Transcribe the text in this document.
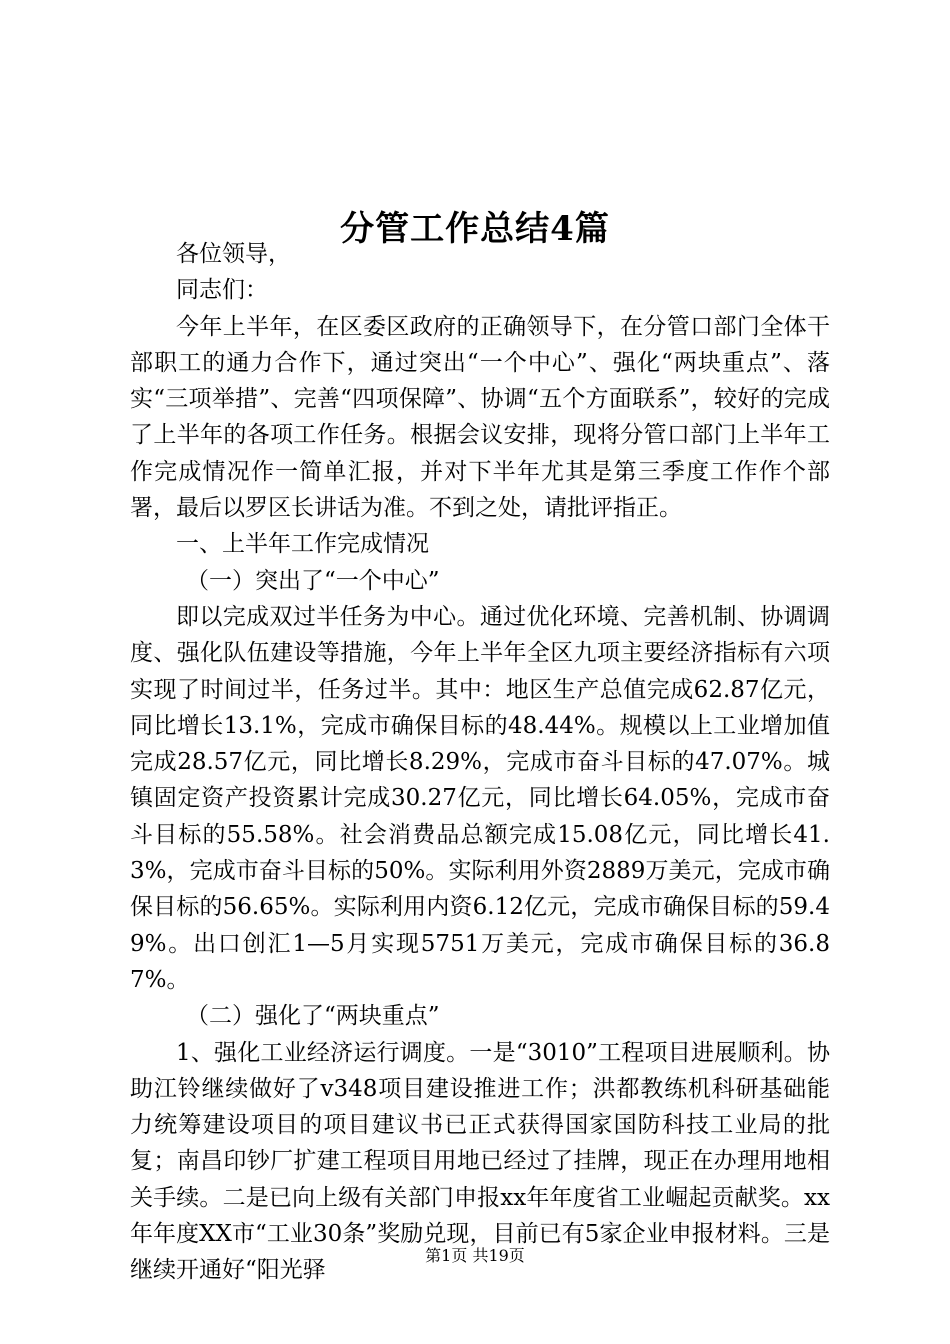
分管工作总结4篇

各位领导，

同志们：

今年上半年，在区委区政府的正确领导下，在分管口部门全体干部职工的通力合作下，通过突出“一个中心”、强化“两块重点”、落实“三项举措”、完善“四项保障”、协调“五个方面联系”，较好的完成了上半年的各项工作任务。根据会议安排，现将分管口部门上半年工作完成情况作一简单汇报，并对下半年尤其是第三季度工作作个部署，最后以罗区长讲话为准。不到之处，请批评指正。

一、上半年工作完成情况

（一）突出了“一个中心”

即以完成双过半任务为中心。通过优化环境、完善机制、协调调度、强化队伍建设等措施，今年上半年全区九项主要经济指标有六项实现了时间过半，任务过半。其中：地区生产总值完成62.87亿元，同比增长13.1%，完成市确保目标的48.44%。规模以上工业增加值完成28.57亿元，同比增长8.29%，完成市奋斗目标的47.07%。城镇固定资产投资累计完成30.27亿元，同比增长64.05%，完成市奋斗目标的55.58%。社会消费品总额完成15.08亿元，同比增长41.3%，完成市奋斗目标的50%。实际利用外资2889万美元，完成市确保目标的56.65%。实际利用内资6.12亿元，完成市确保目标的59.49%。出口创汇1—5月实现5751万美元，完成市确保目标的36.87%。

（二）强化了“两块重点”

1、强化工业经济运行调度。一是“3010”工程项目进展顺利。协助江铃继续做好了v348项目建设推进工作；洪都教练机科研基础能力统筹建设项目的项目建议书已正式获得国家国防科技工业局的批复；南昌印钞厂扩建工程项目用地已经过了挂牌，现正在办理用地相关手续。二是已向上级有关部门申报xx年年度省工业崛起贡献奖。xx年年度XX市“工业30条”奖励兑现，目前已有5家企业申报材料。三是继续开通好“阳光驿

第1页 共19页
